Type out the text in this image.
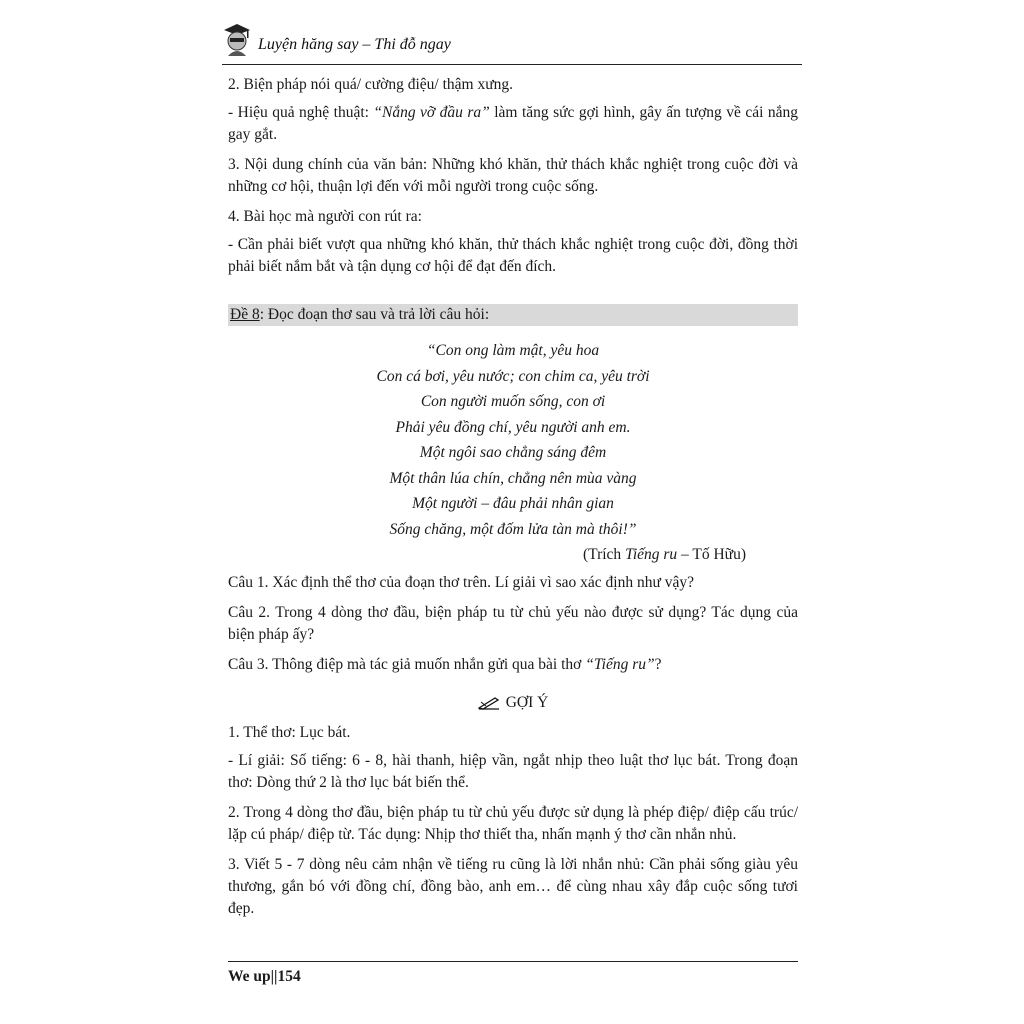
Luyện hăng say – Thi đỗ ngay

2. Biện pháp nói quá/ cường điệu/ thậm xưng.

- Hiệu quả nghệ thuật: “Nắng vỡ đầu ra” làm tăng sức gợi hình, gây ấn tượng về cái nắng gay gắt.

3. Nội dung chính của văn bản: Những khó khăn, thử thách khắc nghiệt trong cuộc đời và những cơ hội, thuận lợi đến với mỗi người trong cuộc sống.

4. Bài học mà người con rút ra:

- Cần phải biết vượt qua những khó khăn, thử thách khắc nghiệt trong cuộc đời, đồng thời phải biết nắm bắt và tận dụng cơ hội để đạt đến đích.

Đề 8: Đọc đoạn thơ sau và trả lời câu hỏi:
“Con ong làm mật, yêu hoa
Con cá bơi, yêu nước; con chim ca, yêu trời
Con người muốn sống, con ơi
Phải yêu đồng chí, yêu người anh em.
Một ngôi sao chẳng sáng đêm
Một thân lúa chín, chẳng nên mùa vàng
Một người – đâu phải nhân gian
Sống chăng, một đốm lửa tàn mà thôi!”
(Trích Tiếng ru – Tố Hữu)

Câu 1. Xác định thể thơ của đoạn thơ trên. Lí giải vì sao xác định như vậy?

Câu 2. Trong 4 dòng thơ đầu, biện pháp tu từ chủ yếu nào được sử dụng? Tác dụng của biện pháp ấy?

Câu 3. Thông điệp mà tác giả muốn nhắn gửi qua bài thơ “Tiếng ru”?

GỢI Ý

1. Thể thơ: Lục bát.

- Lí giải: Số tiếng: 6 - 8, hài thanh, hiệp vần, ngắt nhịp theo luật thơ lục bát. Trong đoạn thơ: Dòng thứ 2 là thơ lục bát biến thể.

2. Trong 4 dòng thơ đầu, biện pháp tu từ chủ yếu được sử dụng là phép điệp/ điệp cấu trúc/ lặp cú pháp/ điệp từ. Tác dụng: Nhịp thơ thiết tha, nhấn mạnh ý thơ cần nhắn nhủ.

3. Viết 5 - 7 dòng nêu cảm nhận về tiếng ru cũng là lời nhắn nhủ: Cần phải sống giàu yêu thương, gắn bó với đồng chí, đồng bào, anh em… để cùng nhau xây đắp cuộc sống tươi đẹp.

We up||154
